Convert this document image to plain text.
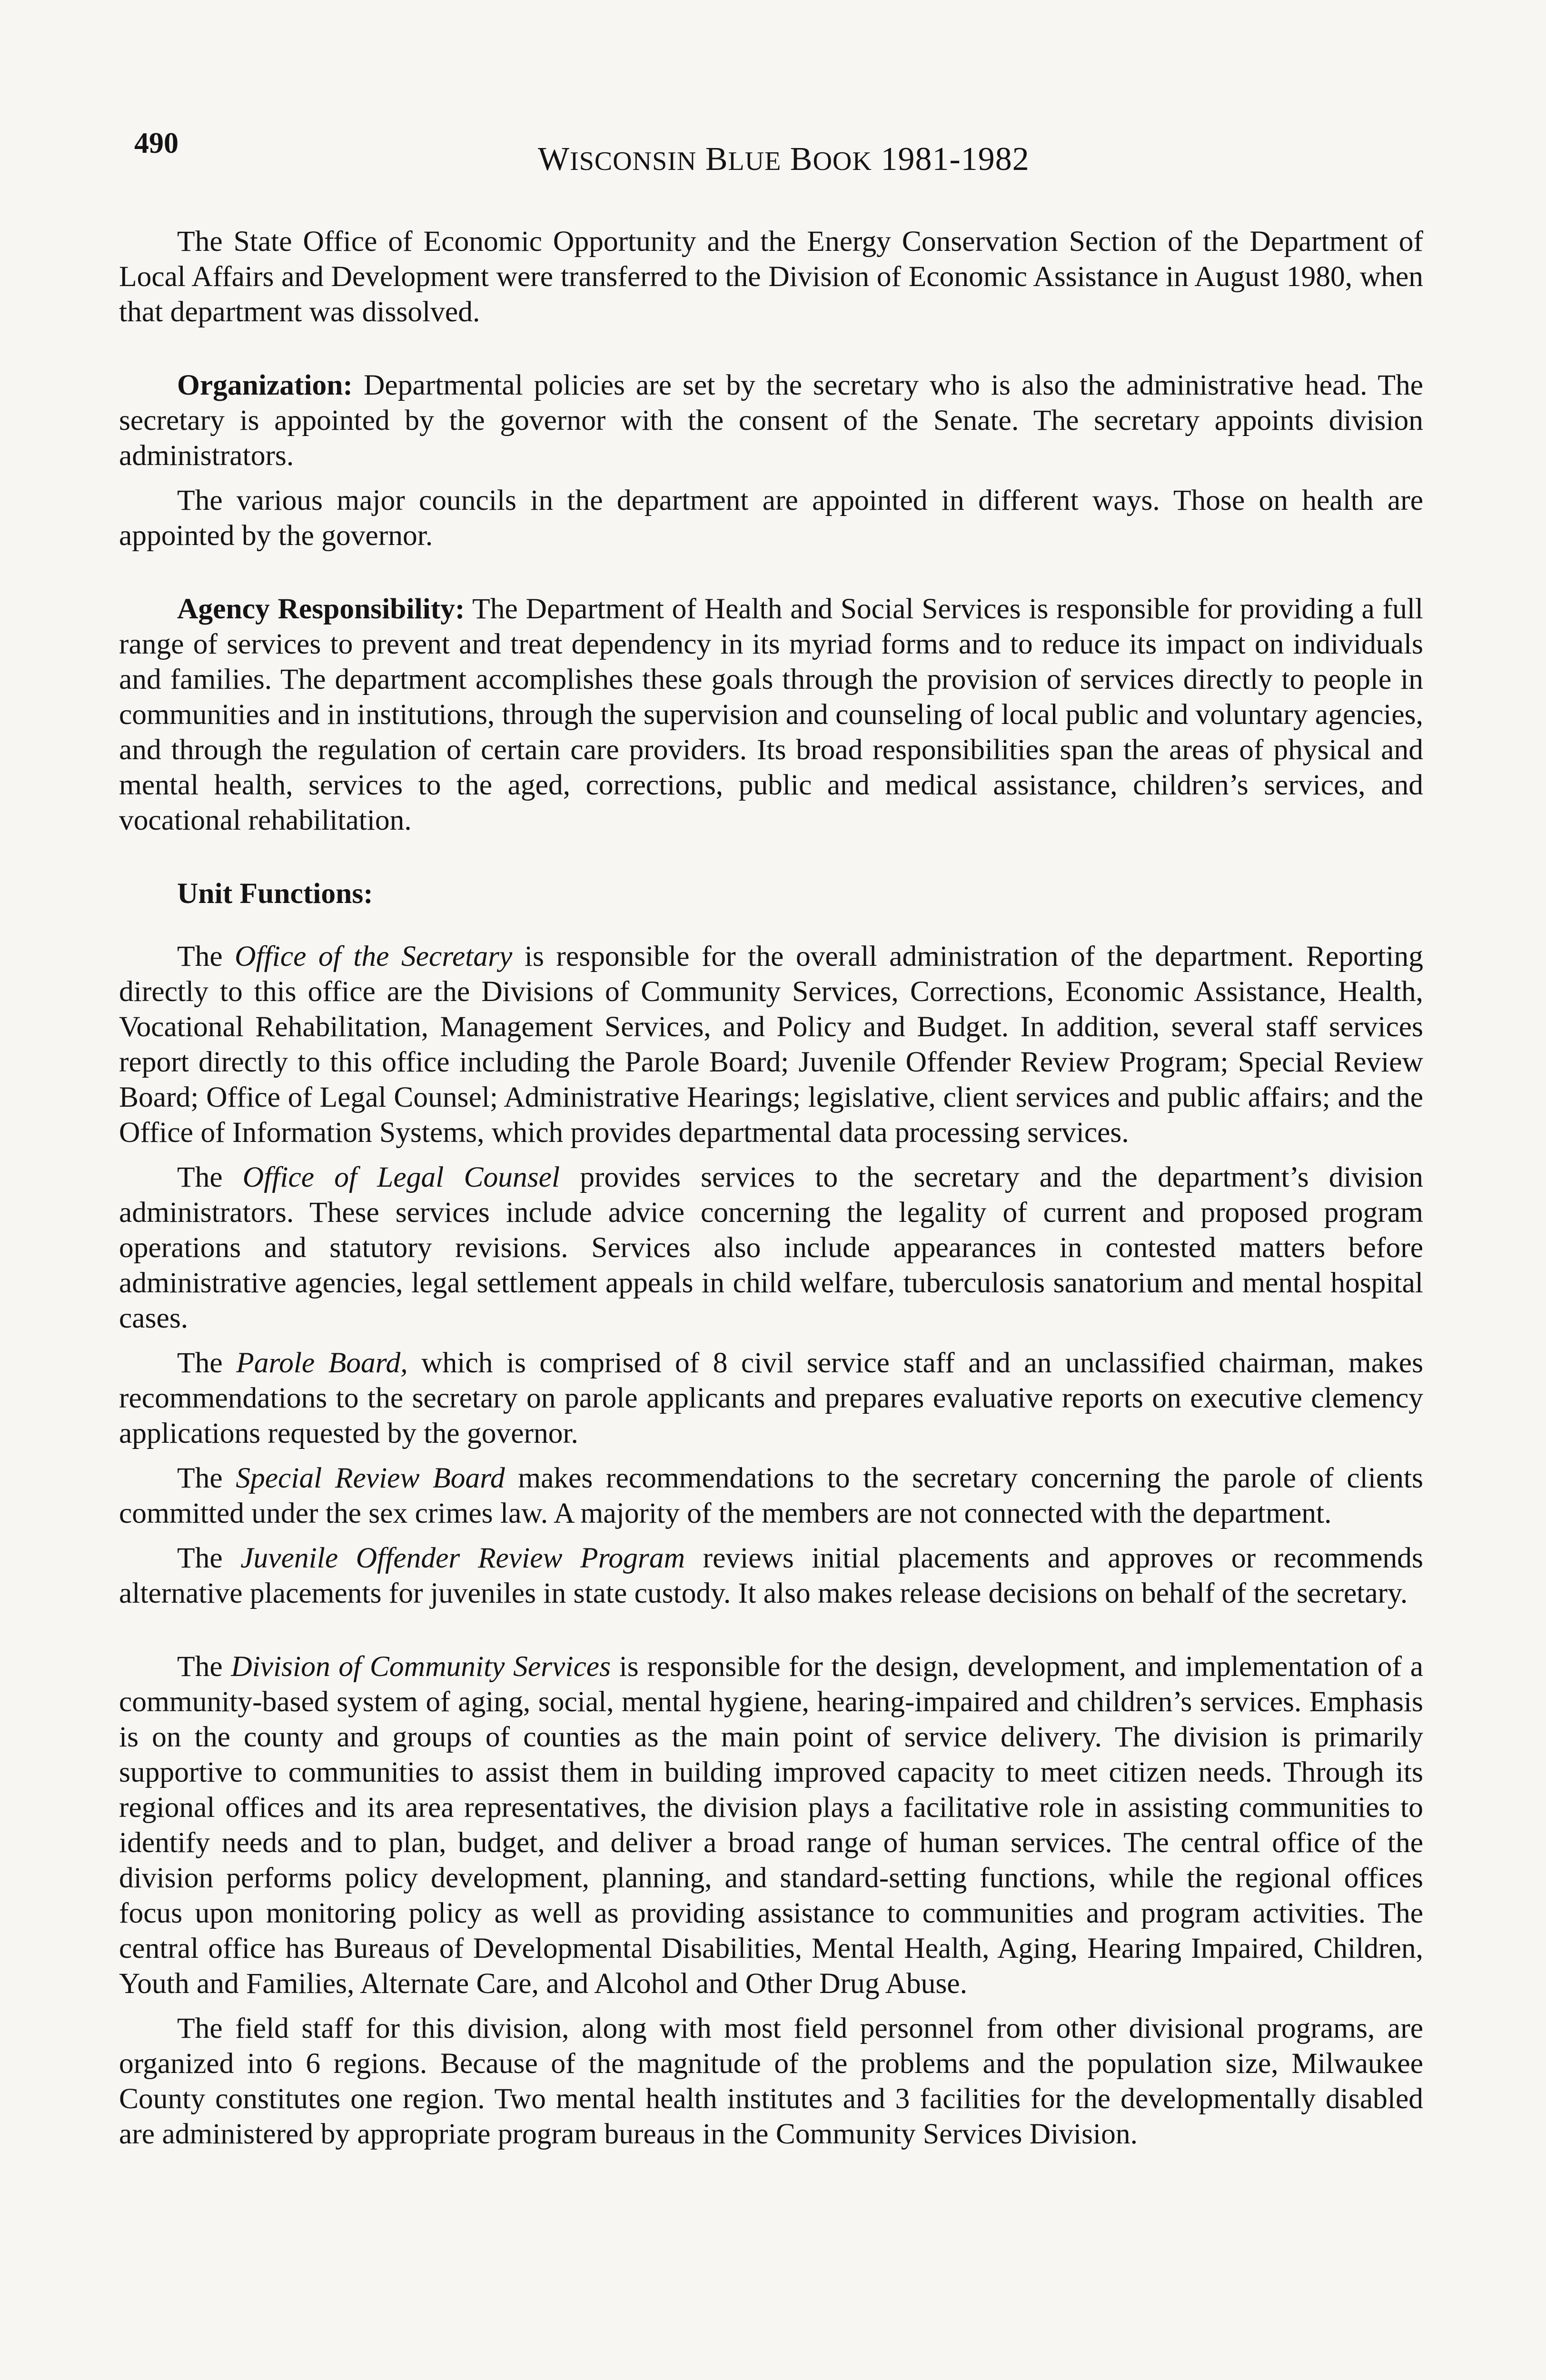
490	WISCONSIN BLUE BOOK 1981-1982

The State Office of Economic Opportunity and the Energy Conservation Section of the Department of Local Affairs and Development were transferred to the Division of Economic Assistance in August 1980, when that department was dissolved.

Organization: Departmental policies are set by the secretary who is also the administrative head. The secretary is appointed by the governor with the consent of the Senate. The secretary appoints division administrators.

The various major councils in the department are appointed in different ways. Those on health are appointed by the governor.

Agency Responsibility: The Department of Health and Social Services is responsible for providing a full range of services to prevent and treat dependency in its myriad forms and to reduce its impact on individuals and families. The department accomplishes these goals through the provision of services directly to people in communities and in institutions, through the supervision and counseling of local public and voluntary agencies, and through the regulation of certain care providers. Its broad responsibilities span the areas of physical and mental health, services to the aged, corrections, public and medical assistance, children’s services, and vocational rehabilitation.

Unit Functions:

The Office of the Secretary is responsible for the overall administration of the department. Reporting directly to this office are the Divisions of Community Services, Corrections, Economic Assistance, Health, Vocational Rehabilitation, Management Services, and Policy and Budget. In addition, several staff services report directly to this office including the Parole Board; Juvenile Offender Review Program; Special Review Board; Office of Legal Counsel; Administrative Hearings; legislative, client services and public affairs; and the Office of Information Systems, which provides departmental data processing services.

The Office of Legal Counsel provides services to the secretary and the department’s division administrators. These services include advice concerning the legality of current and proposed program operations and statutory revisions. Services also include appearances in contested matters before administrative agencies, legal settlement appeals in child welfare, tuberculosis sanatorium and mental hospital cases.

The Parole Board, which is comprised of 8 civil service staff and an unclassified chairman, makes recommendations to the secretary on parole applicants and prepares evaluative reports on executive clemency applications requested by the governor.

The Special Review Board makes recommendations to the secretary concerning the parole of clients committed under the sex crimes law. A majority of the members are not connected with the department.

The Juvenile Offender Review Program reviews initial placements and approves or recommends alternative placements for juveniles in state custody. It also makes release decisions on behalf of the secretary.

The Division of Community Services is responsible for the design, development, and implementation of a community-based system of aging, social, mental hygiene, hearing-impaired and children’s services. Emphasis is on the county and groups of counties as the main point of service delivery. The division is primarily supportive to communities to assist them in building improved capacity to meet citizen needs. Through its regional offices and its area representatives, the division plays a facilitative role in assisting communities to identify needs and to plan, budget, and deliver a broad range of human services. The central office of the division performs policy development, planning, and standard-setting functions, while the regional offices focus upon monitoring policy as well as providing assistance to communities and program activities. The central office has Bureaus of Developmental Disabilities, Mental Health, Aging, Hearing Impaired, Children, Youth and Families, Alternate Care, and Alcohol and Other Drug Abuse.

The field staff for this division, along with most field personnel from other divisional programs, are organized into 6 regions. Because of the magnitude of the problems and the population size, Milwaukee County constitutes one region. Two mental health institutes and 3 facilities for the developmentally disabled are administered by appropriate program bureaus in the Community Services Division.
